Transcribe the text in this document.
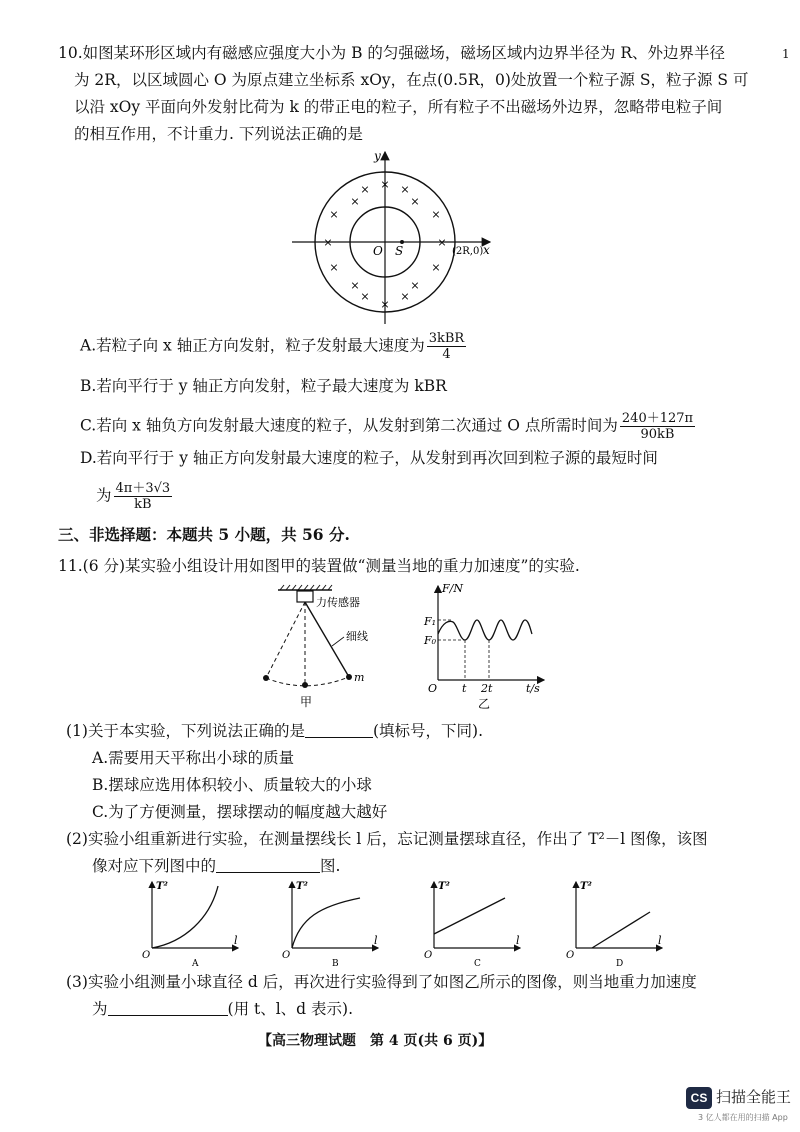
1
10.如图某环形区域内有磁感应强度大小为 B 的匀强磁场，磁场区域内边界半径为 R、外边界半径
为 2R，以区域圆心 O 为原点建立坐标系 xOy，在点(0.5R，0)处放置一个粒子源 S，粒子源 S 可
以沿 xOy 平面向外发射比荷为 k 的带正电的粒子，所有粒子不出磁场外边界，忽略带电粒子间
的相互作用，不计重力. 下列说法正确的是
y
x
O S	(2R,0)
×
×
×	×
×	×
×	×
×	×
×	×
×	×
×	×
A.若粒子向 x 轴正方向发射，粒子发射最大速度为 $\frac{\text{3kBR}}{4}$
B.若向平行于 y 轴正方向发射，粒子最大速度为 kBR
C.若向 x 轴负方向发射最大速度的粒子，从发射到第二次通过 O 点所需时间为 $\frac{240+127\pi}{90kB}$
D.若向平行于 y 轴正方向发射最大速度的粒子，从发射到再次回到粒子源的最短时间
为 $\frac{4\pi+3√3}{kB}$
三、非选择题：本题共 5 小题，共 56 分.
11.(6 分)某实验小组设计用如图甲的装置做“测量当地的重力加速度”的实验.
力传感器
细线
m
甲
F/N
F₁
F₀
O t 2t	t/s
乙
(1)关于本实验，下列说法正确的是	(填标号，下同).
A.需要用天平称出小球的质量
B.摆球应选用体积较小、质量较大的小球
C.为了方便测量，摆球摆动的幅度越大越好
(2)实验小组重新进行实验，在测量摆线长 l 后，忘记测量摆球直径，作出了 T²－l 图像，该图
像对应下列图中的	图.
T²
O
l
A
T²
O
l
B
T²
O
l
C
T²
O
l
D
(3)实验小组测量小球直径 d 后，再次进行实验得到了如图乙所示的图像，则当地重力加速度
为	(用 t、l、d 表示).
【高三物理试题　第 4 页(共 6 页)】
CS 扫描全能王
3 亿人都在用的扫描 App
